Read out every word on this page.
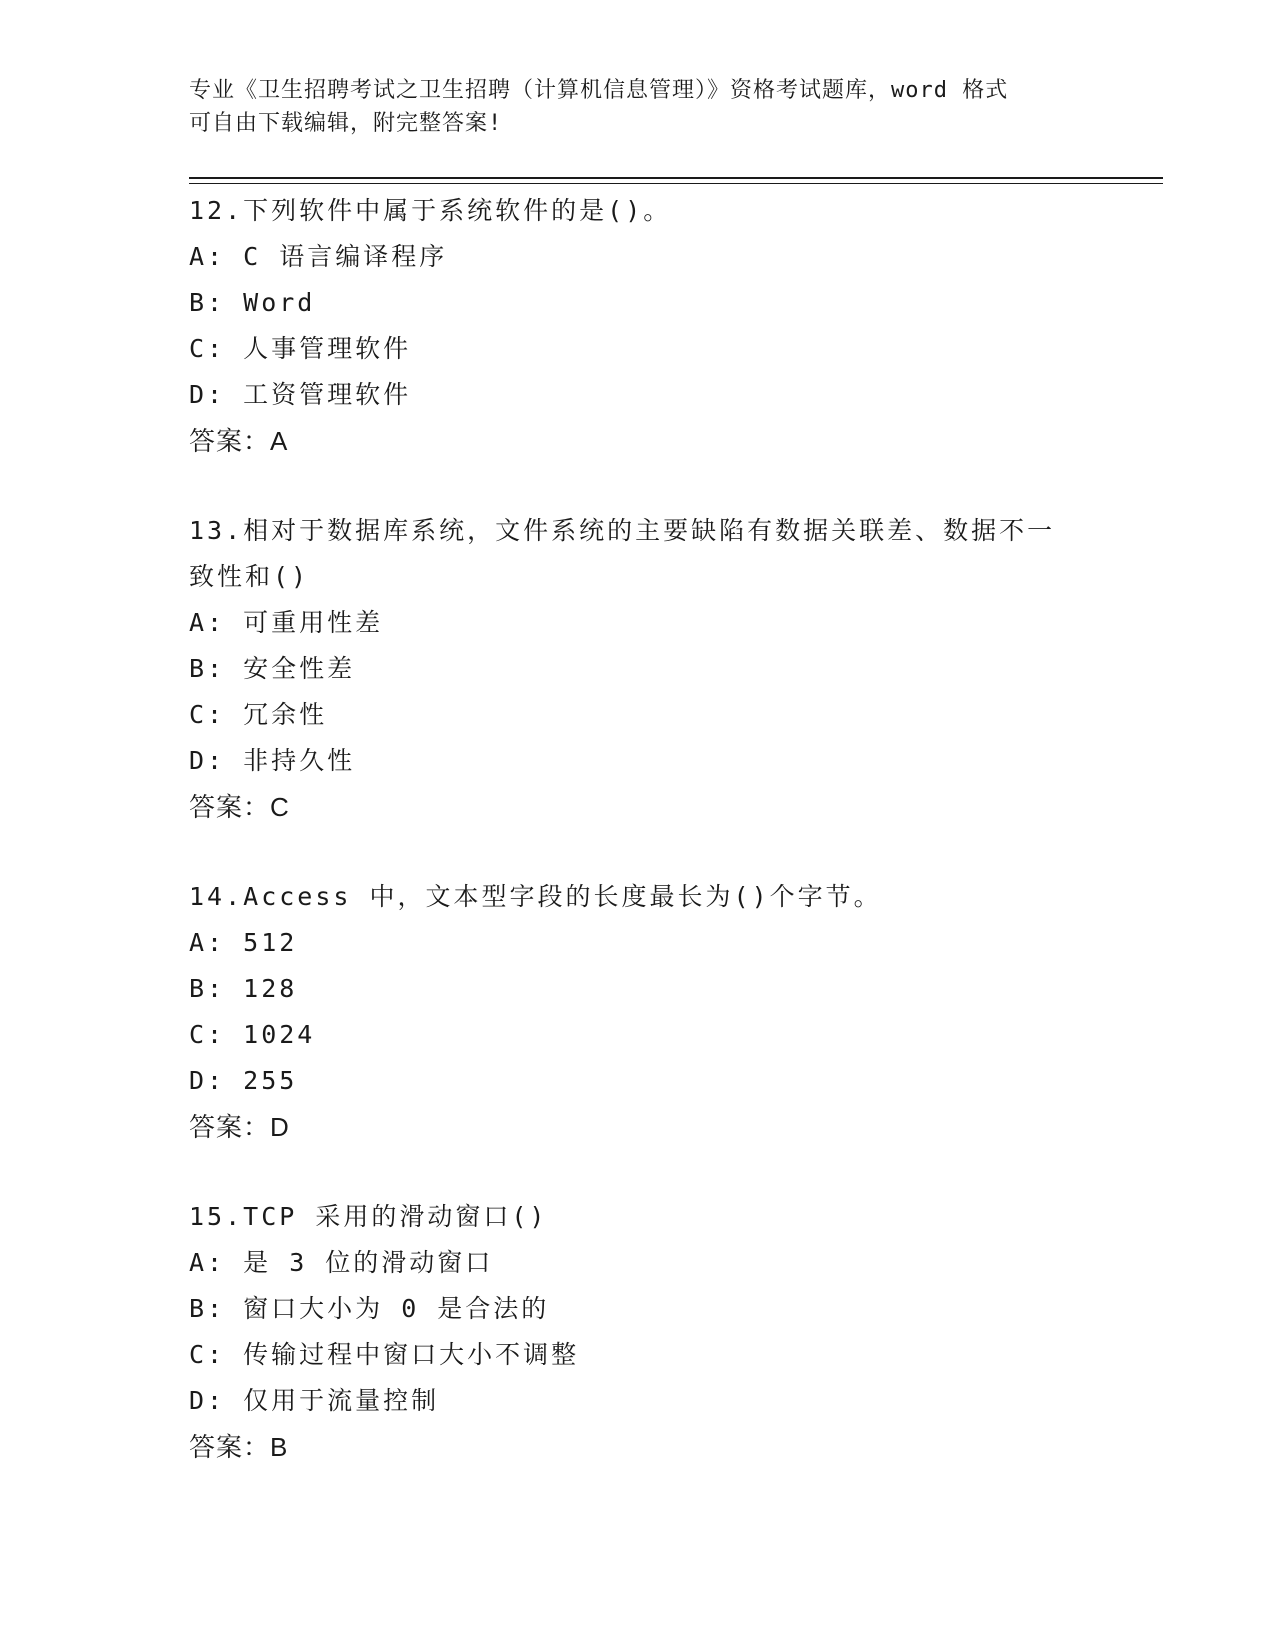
专业《卫生招聘考试之卫生招聘（计算机信息管理）》资格考试题库，word 格式
可自由下载编辑，附完整答案!
12.下列软件中属于系统软件的是()。
A: C 语言编译程序
B: Word
C: 人事管理软件
D: 工资管理软件
答案：A
13.相对于数据库系统，文件系统的主要缺陷有数据关联差、数据不一
致性和()
A: 可重用性差
B: 安全性差
C: 冗余性
D: 非持久性
答案：C
14.Access 中，文本型字段的长度最长为()个字节。
A: 512
B: 128
C: 1024
D: 255
答案：D
15.TCP 采用的滑动窗口()
A: 是 3 位的滑动窗口
B: 窗口大小为 0 是合法的
C: 传输过程中窗口大小不调整
D: 仅用于流量控制
答案：B
